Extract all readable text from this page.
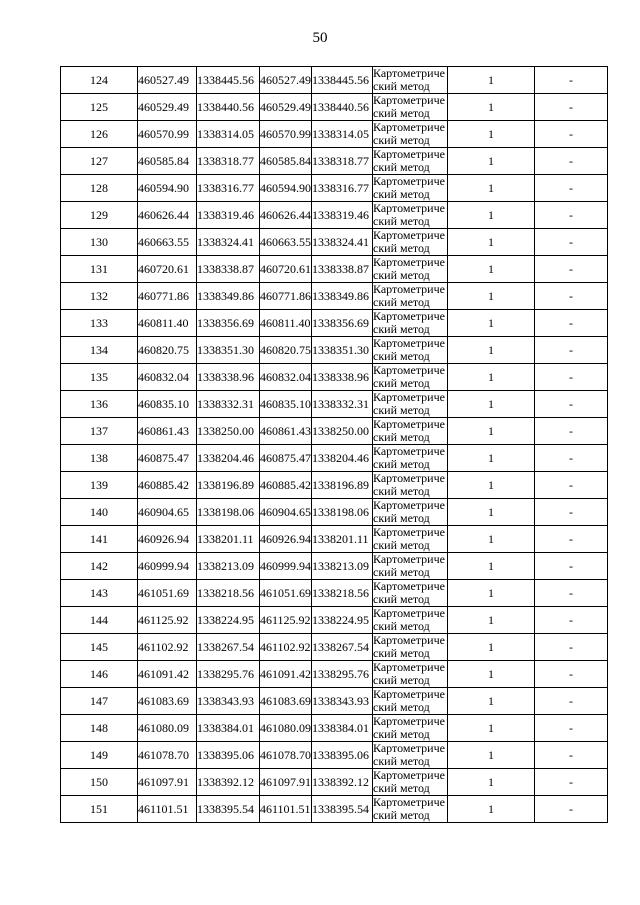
50
124	460527.49	1338445.56	460527.49	1338445.56	Картометрический метод	1	-
125	460529.49	1338440.56	460529.49	1338440.56	Картометрический метод	1	-
126	460570.99	1338314.05	460570.99	1338314.05	Картометрический метод	1	-
127	460585.84	1338318.77	460585.84	1338318.77	Картометрический метод	1	-
128	460594.90	1338316.77	460594.90	1338316.77	Картометрический метод	1	-
129	460626.44	1338319.46	460626.44	1338319.46	Картометрический метод	1	-
130	460663.55	1338324.41	460663.55	1338324.41	Картометрический метод	1	-
131	460720.61	1338338.87	460720.61	1338338.87	Картометрический метод	1	-
132	460771.86	1338349.86	460771.86	1338349.86	Картометрический метод	1	-
133	460811.40	1338356.69	460811.40	1338356.69	Картометрический метод	1	-
134	460820.75	1338351.30	460820.75	1338351.30	Картометрический метод	1	-
135	460832.04	1338338.96	460832.04	1338338.96	Картометрический метод	1	-
136	460835.10	1338332.31	460835.10	1338332.31	Картометрический метод	1	-
137	460861.43	1338250.00	460861.43	1338250.00	Картометрический метод	1	-
138	460875.47	1338204.46	460875.47	1338204.46	Картометрический метод	1	-
139	460885.42	1338196.89	460885.42	1338196.89	Картометрический метод	1	-
140	460904.65	1338198.06	460904.65	1338198.06	Картометрический метод	1	-
141	460926.94	1338201.11	460926.94	1338201.11	Картометрический метод	1	-
142	460999.94	1338213.09	460999.94	1338213.09	Картометрический метод	1	-
143	461051.69	1338218.56	461051.69	1338218.56	Картометрический метод	1	-
144	461125.92	1338224.95	461125.92	1338224.95	Картометрический метод	1	-
145	461102.92	1338267.54	461102.92	1338267.54	Картометрический метод	1	-
146	461091.42	1338295.76	461091.42	1338295.76	Картометрический метод	1	-
147	461083.69	1338343.93	461083.69	1338343.93	Картометрический метод	1	-
148	461080.09	1338384.01	461080.09	1338384.01	Картометрический метод	1	-
149	461078.70	1338395.06	461078.70	1338395.06	Картометрический метод	1	-
150	461097.91	1338392.12	461097.91	1338392.12	Картометрический метод	1	-
151	461101.51	1338395.54	461101.51	1338395.54	Картометрический метод	1	-
